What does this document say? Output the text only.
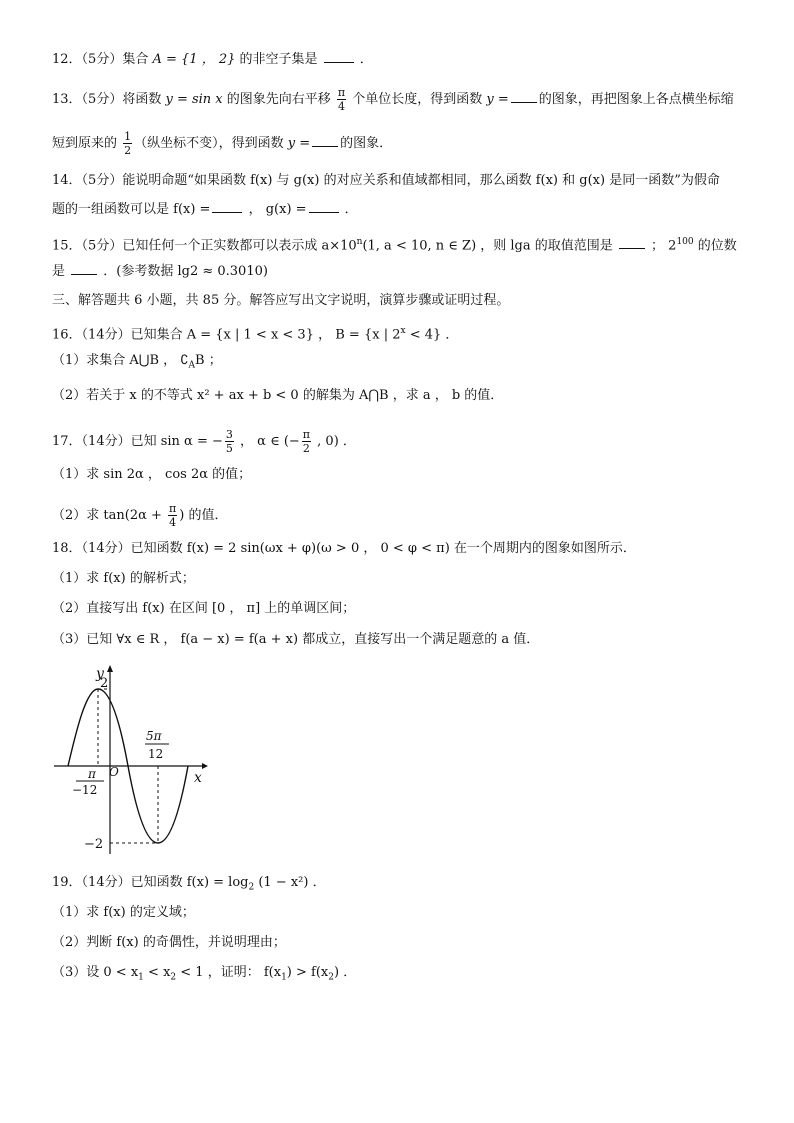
12．（5分）集合 A = {1 ， 2} 的非空子集是	．
13．（5分）将函数 y = sin x 的图象先向右平移 $\frac{\pi}{4}$ 个单位长度，得到函数 y = 的图象，再把图象上各点横坐标缩
短到原来的 $\frac{1}{2}$ （纵坐标不变），得到函数 y = 的图象．
14．（5分）能说明命题“如果函数 f(x) 与 g(x) 的对应关系和值域都相同，那么函数 f(x) 和 g(x) 是同一函数”为假命
题的一组函数可以是 f(x) =	， g(x) =	．
15．（5分）已知任何一个正实数都可以表示成 $a\times 10^n(1$, a < 10, n ∈ Z) ，则 lga 的取值范围是  ； $2^{100}$ 的位数
是  ．(参考数据 lg2 ≈ 0.3010)
三、解答题共 6 小题，共 85 分。解答应写出文字说明，演算步骤或证明过程。
16．（14分）已知集合 A = {x | 1 < x < 3} ， B = {x | $2^x < 4$} ．
（1）求集合 A⋃B ， $∁_AB$ ；
（2）若关于 x 的不等式 x² + ax + b < 0 的解集为 A⋂B ，求 a ， b 的值．
17．（14分）已知 sin α = − $\frac{3}{5}$ ， α ∈ (− $\frac{\pi}{2}$ , 0) ．
（1）求 sin 2α ， cos 2α 的值；
（2）求 $\tan(2\alpha + \frac{\pi}{4}$ ) 的值．
18．（14分）已知函数 f(x) = 2 sin(ωx + φ)(ω > 0 ， 0 < φ < π) 在一个周期内的图象如图所示．
（1）求 f(x) 的解析式；
（2）直接写出 f(x) 在区间 [0 ， π] 上的单调区间；
（3）已知 ∀x ∈ R ， f(a − x) = f(a + x) 都成立，直接写出一个满足题意的 a 值．
y
2
O	x
π
−12
5π
12
−2
19．（14分）已知函数 $f(x) = \log_2 (1 - x^2)$ ．
（1）求 f(x) 的定义域；
（2）判断 f(x) 的奇偶性，并说明理由；
（3）设 $0 < x_1 < x_2 < 1$ ，证明： $f(x_1) > f(x_2)$ ．
